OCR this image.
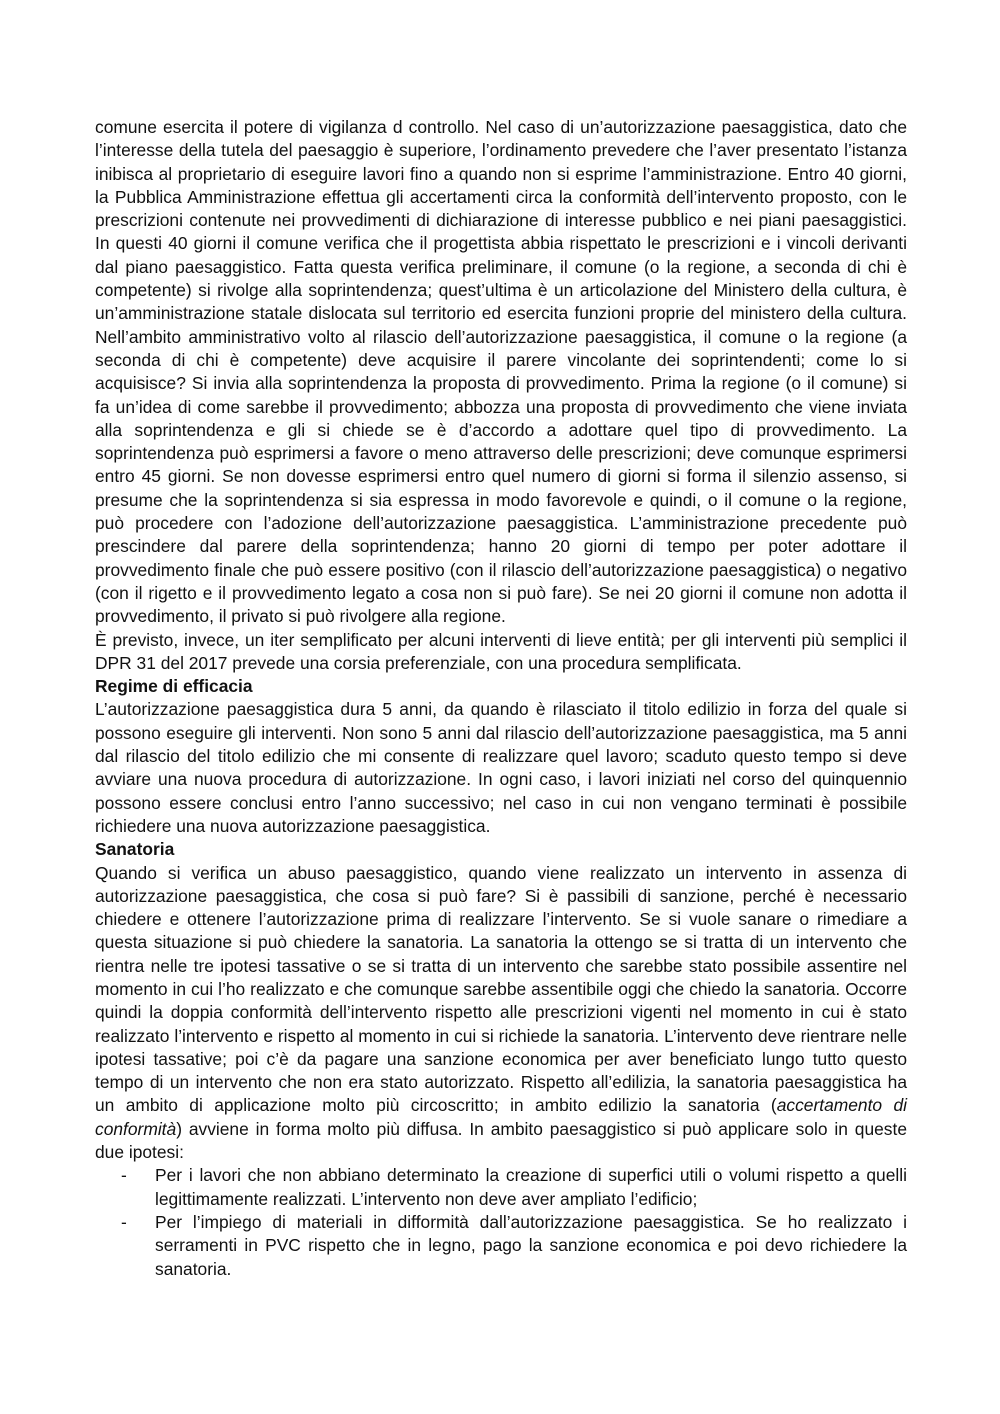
comune esercita il potere di vigilanza d controllo. Nel caso di un’autorizzazione paesaggistica, dato che l’interesse della tutela del paesaggio è superiore, l’ordinamento prevedere che l’aver presentato l’istanza inibisca al proprietario di eseguire lavori fino a quando non si esprime l’amministrazione. Entro 40 giorni, la Pubblica Amministrazione effettua gli accertamenti circa la conformità dell’intervento proposto, con le prescrizioni contenute nei provvedimenti di dichiarazione di interesse pubblico e nei piani paesaggistici. In questi 40 giorni il comune verifica che il progettista abbia rispettato le prescrizioni e i vincoli derivanti dal piano paesaggistico. Fatta questa verifica preliminare, il comune (o la regione, a seconda di chi è competente) si rivolge alla soprintendenza; quest’ultima è un articolazione del Ministero della cultura, è un’amministrazione statale dislocata sul territorio ed esercita funzioni proprie del ministero della cultura. Nell’ambito amministrativo volto al rilascio dell’autorizzazione paesaggistica, il comune o la regione (a seconda di chi è competente) deve acquisire il parere vincolante dei soprintendenti; come lo si acquisisce? Si invia alla soprintendenza la proposta di provvedimento. Prima la regione (o il comune) si fa un’idea di come sarebbe il provvedimento; abbozza una proposta di provvedimento che viene inviata alla soprintendenza e gli si chiede se è d’accordo a adottare quel tipo di provvedimento. La soprintendenza può esprimersi a favore o meno attraverso delle prescrizioni; deve comunque esprimersi entro 45 giorni. Se non dovesse esprimersi entro quel numero di giorni si forma il silenzio assenso, si presume che la soprintendenza si sia espressa in modo favorevole e quindi, o il comune o la regione, può procedere con l’adozione dell’autorizzazione paesaggistica. L’amministrazione precedente può prescindere dal parere della soprintendenza; hanno 20 giorni di tempo per poter adottare il provvedimento finale che può essere positivo (con il rilascio dell’autorizzazione paesaggistica) o negativo (con il rigetto e il provvedimento legato a cosa non si può fare). Se nei 20 giorni il comune non adotta il provvedimento, il privato si può rivolgere alla regione.

È previsto, invece, un iter semplificato per alcuni interventi di lieve entità; per gli interventi più semplici il DPR 31 del 2017 prevede una corsia preferenziale, con una procedura semplificata.

Regime di efficacia

L’autorizzazione paesaggistica dura 5 anni, da quando è rilasciato il titolo edilizio in forza del quale si possono eseguire gli interventi. Non sono 5 anni dal rilascio dell’autorizzazione paesaggistica, ma 5 anni dal rilascio del titolo edilizio che mi consente di realizzare quel lavoro; scaduto questo tempo si deve avviare una nuova procedura di autorizzazione. In ogni caso, i lavori iniziati nel corso del quinquennio possono essere conclusi entro l’anno successivo; nel caso in cui non vengano terminati è possibile richiedere una nuova autorizzazione paesaggistica.

Sanatoria

Quando si verifica un abuso paesaggistico, quando viene realizzato un intervento in assenza di autorizzazione paesaggistica, che cosa si può fare? Si è passibili di sanzione, perché è necessario chiedere e ottenere l’autorizzazione prima di realizzare l’intervento. Se si vuole sanare o rimediare a questa situazione si può chiedere la sanatoria. La sanatoria la ottengo se si tratta di un intervento che rientra nelle tre ipotesi tassative o se si tratta di un intervento che sarebbe stato possibile assentire nel momento in cui l’ho realizzato e che comunque sarebbe assentibile oggi che chiedo la sanatoria. Occorre quindi la doppia conformità dell’intervento rispetto alle prescrizioni vigenti nel momento in cui è stato realizzato l’intervento e rispetto al momento in cui si richiede la sanatoria. L’intervento deve rientrare nelle ipotesi tassative; poi c’è da pagare una sanzione economica per aver beneficiato lungo tutto questo tempo di un intervento che non era stato autorizzato. Rispetto all’edilizia, la sanatoria paesaggistica ha un ambito di applicazione molto più circoscritto; in ambito edilizio la sanatoria (accertamento di conformità) avviene in forma molto più diffusa. In ambito paesaggistico si può applicare solo in queste due ipotesi:

- Per i lavori che non abbiano determinato la creazione di superfici utili o volumi rispetto a quelli legittimamente realizzati. L’intervento non deve aver ampliato l’edificio;
- Per l’impiego di materiali in difformità dall’autorizzazione paesaggistica. Se ho realizzato i serramenti in PVC rispetto che in legno, pago la sanzione economica e poi devo richiedere la sanatoria.
